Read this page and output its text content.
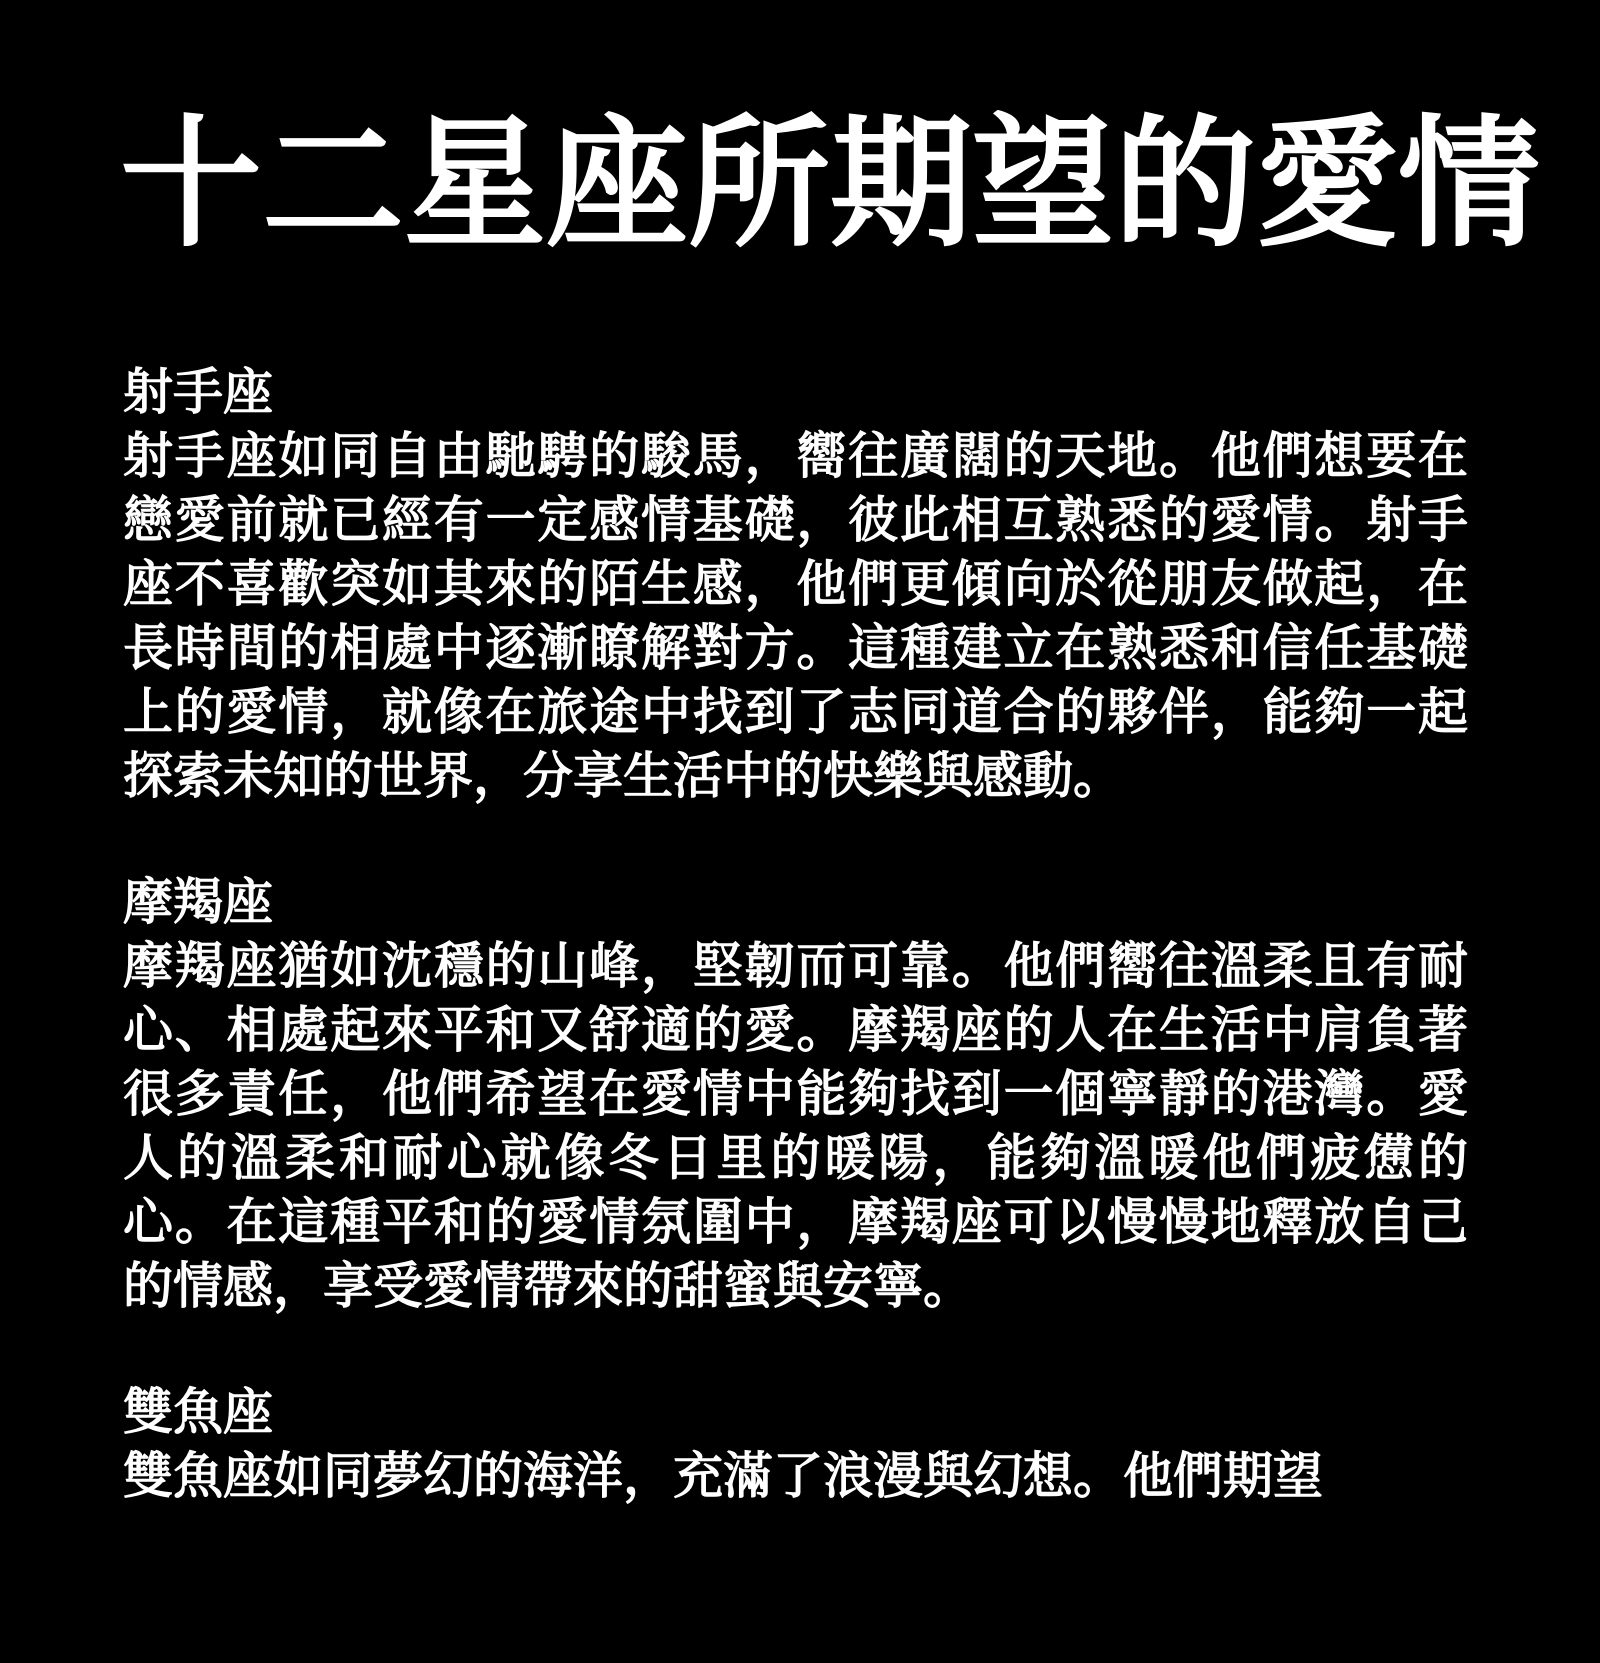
十二星座所期望的愛情
射手座
射手座如同自由馳騁的駿馬，嚮往廣闊的天地。他們想要在戀愛前就已經有一定感情基礎，彼此相互熟悉的愛情。射手座不喜歡突如其來的陌生感，他們更傾向於從朋友做起，在長時間的相處中逐漸瞭解對方。這種建立在熟悉和信任基礎上的愛情，就像在旅途中找到了志同道合的夥伴，能夠一起探索未知的世界，分享生活中的快樂與感動。
摩羯座
摩羯座猶如沈穩的山峰，堅韌而可靠。他們嚮往溫柔且有耐心、相處起來平和又舒適的愛。摩羯座的人在生活中肩負著很多責任，他們希望在愛情中能夠找到一個寧靜的港灣。愛人的溫柔和耐心就像冬日里的暖陽，能夠溫暖他們疲憊的心。在這種平和的愛情氛圍中，摩羯座可以慢慢地釋放自己的情感，享受愛情帶來的甜蜜與安寧。
雙魚座
雙魚座如同夢幻的海洋，充滿了浪漫與幻想。他們期望
